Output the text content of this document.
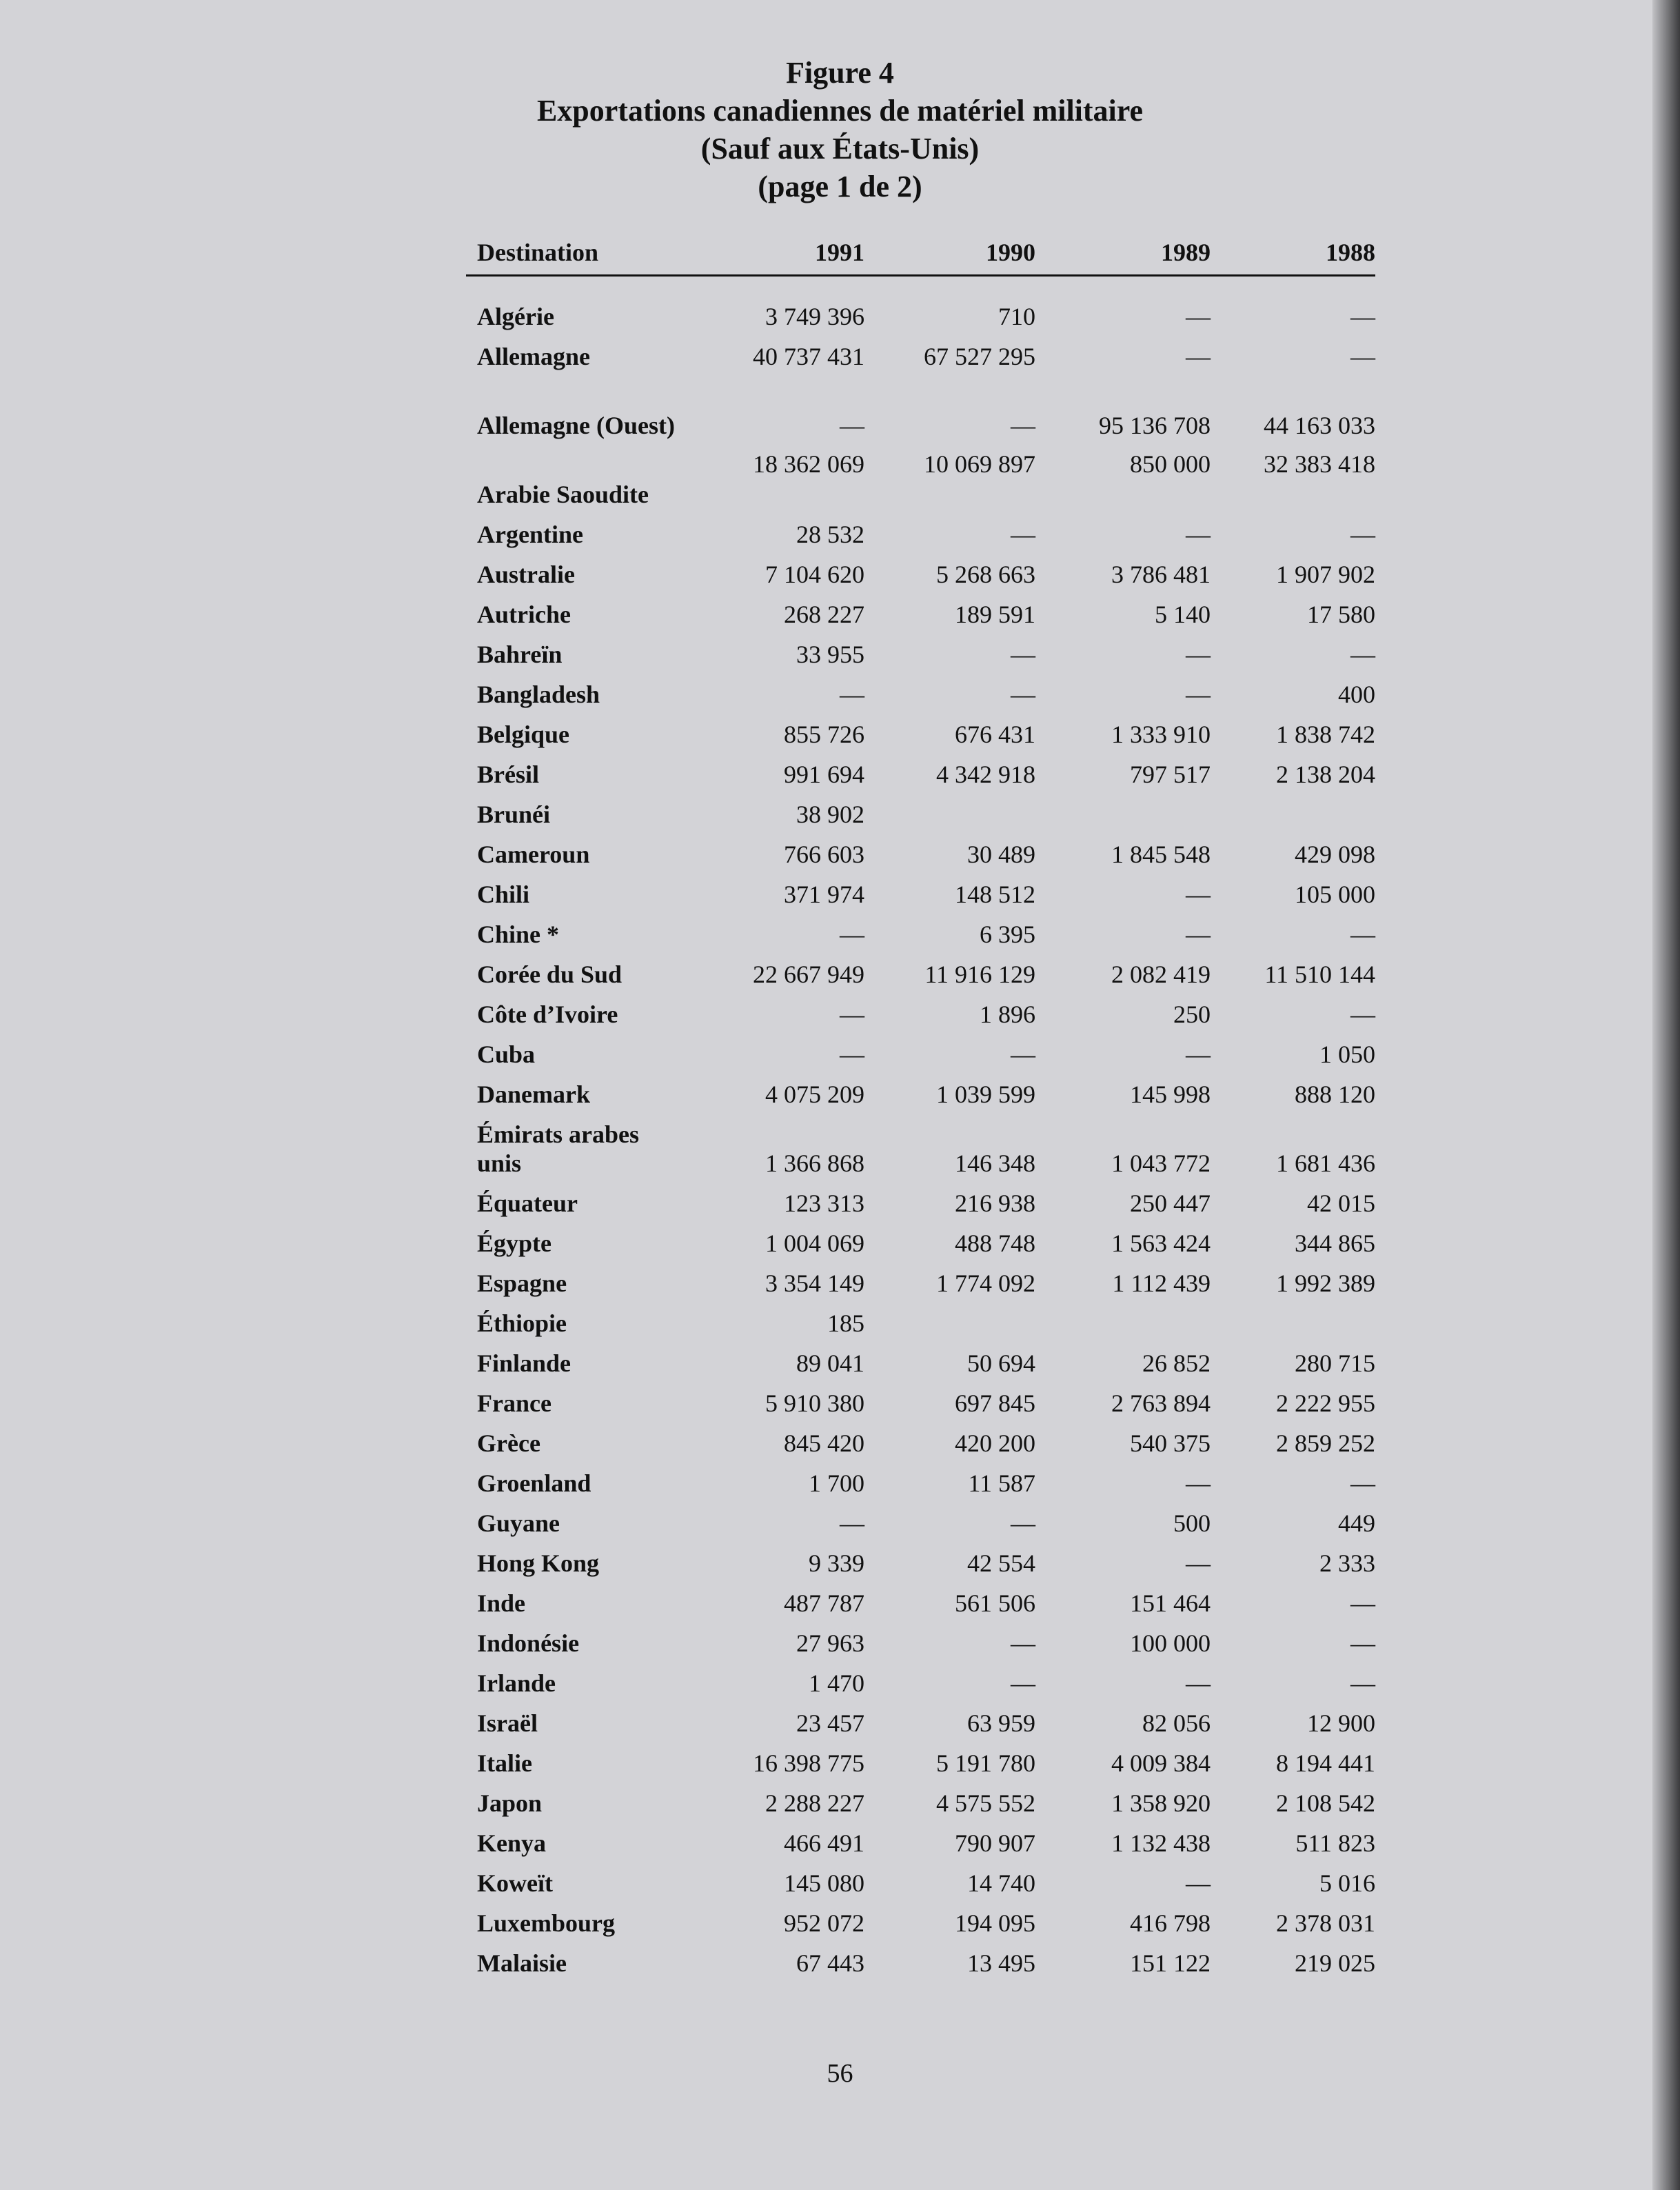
Figure 4
Exportations canadiennes de matériel militaire
(Sauf aux États-Unis)
(page 1 de 2)
Destination	1991	1990	1989	1988

Algérie	3 749 396	710	—	—
Allemagne	40 737 431	67 527 295	—	—
Allemagne (Ouest)	—	—	95 136 708	44 163 033
Arabie Saoudite	18 362 069	10 069 897	850 000	32 383 418
Argentine	28 532	—	—	—
Australie	7 104 620	5 268 663	3 786 481	1 907 902
Autriche	268 227	189 591	5 140	17 580
Bahreïn	33 955	—	—	—
Bangladesh	—	—	—	400
Belgique	855 726	676 431	1 333 910	1 838 742
Brésil	991 694	4 342 918	797 517	2 138 204
Brunéi	38 902			
Cameroun	766 603	30 489	1 845 548	429 098
Chili	371 974	148 512	—	105 000
Chine *	—	6 395	—	—
Corée du Sud	22 667 949	11 916 129	2 082 419	11 510 144
Côte d’Ivoire	—	1 896	250	—
Cuba	—	—	—	1 050
Danemark	4 075 209	1 039 599	145 998	888 120
Émirats arabes unis	1 366 868	146 348	1 043 772	1 681 436
Équateur	123 313	216 938	250 447	42 015
Égypte	1 004 069	488 748	1 563 424	344 865
Espagne	3 354 149	1 774 092	1 112 439	1 992 389
Éthiopie	185			
Finlande	89 041	50 694	26 852	280 715
France	5 910 380	697 845	2 763 894	2 222 955
Grèce	845 420	420 200	540 375	2 859 252
Groenland	1 700	11 587	—	—
Guyane	—	—	500	449
Hong Kong	9 339	42 554	—	2 333
Inde	487 787	561 506	151 464	—
Indonésie	27 963	—	100 000	—
Irlande	1 470	—	—	—
Israël	23 457	63 959	82 056	12 900
Italie	16 398 775	5 191 780	4 009 384	8 194 441
Japon	2 288 227	4 575 552	1 358 920	2 108 542
Kenya	466 491	790 907	1 132 438	511 823
Koweït	145 080	14 740	—	5 016
Luxembourg	952 072	194 095	416 798	2 378 031
Malaisie	67 443	13 495	151 122	219 025
56
